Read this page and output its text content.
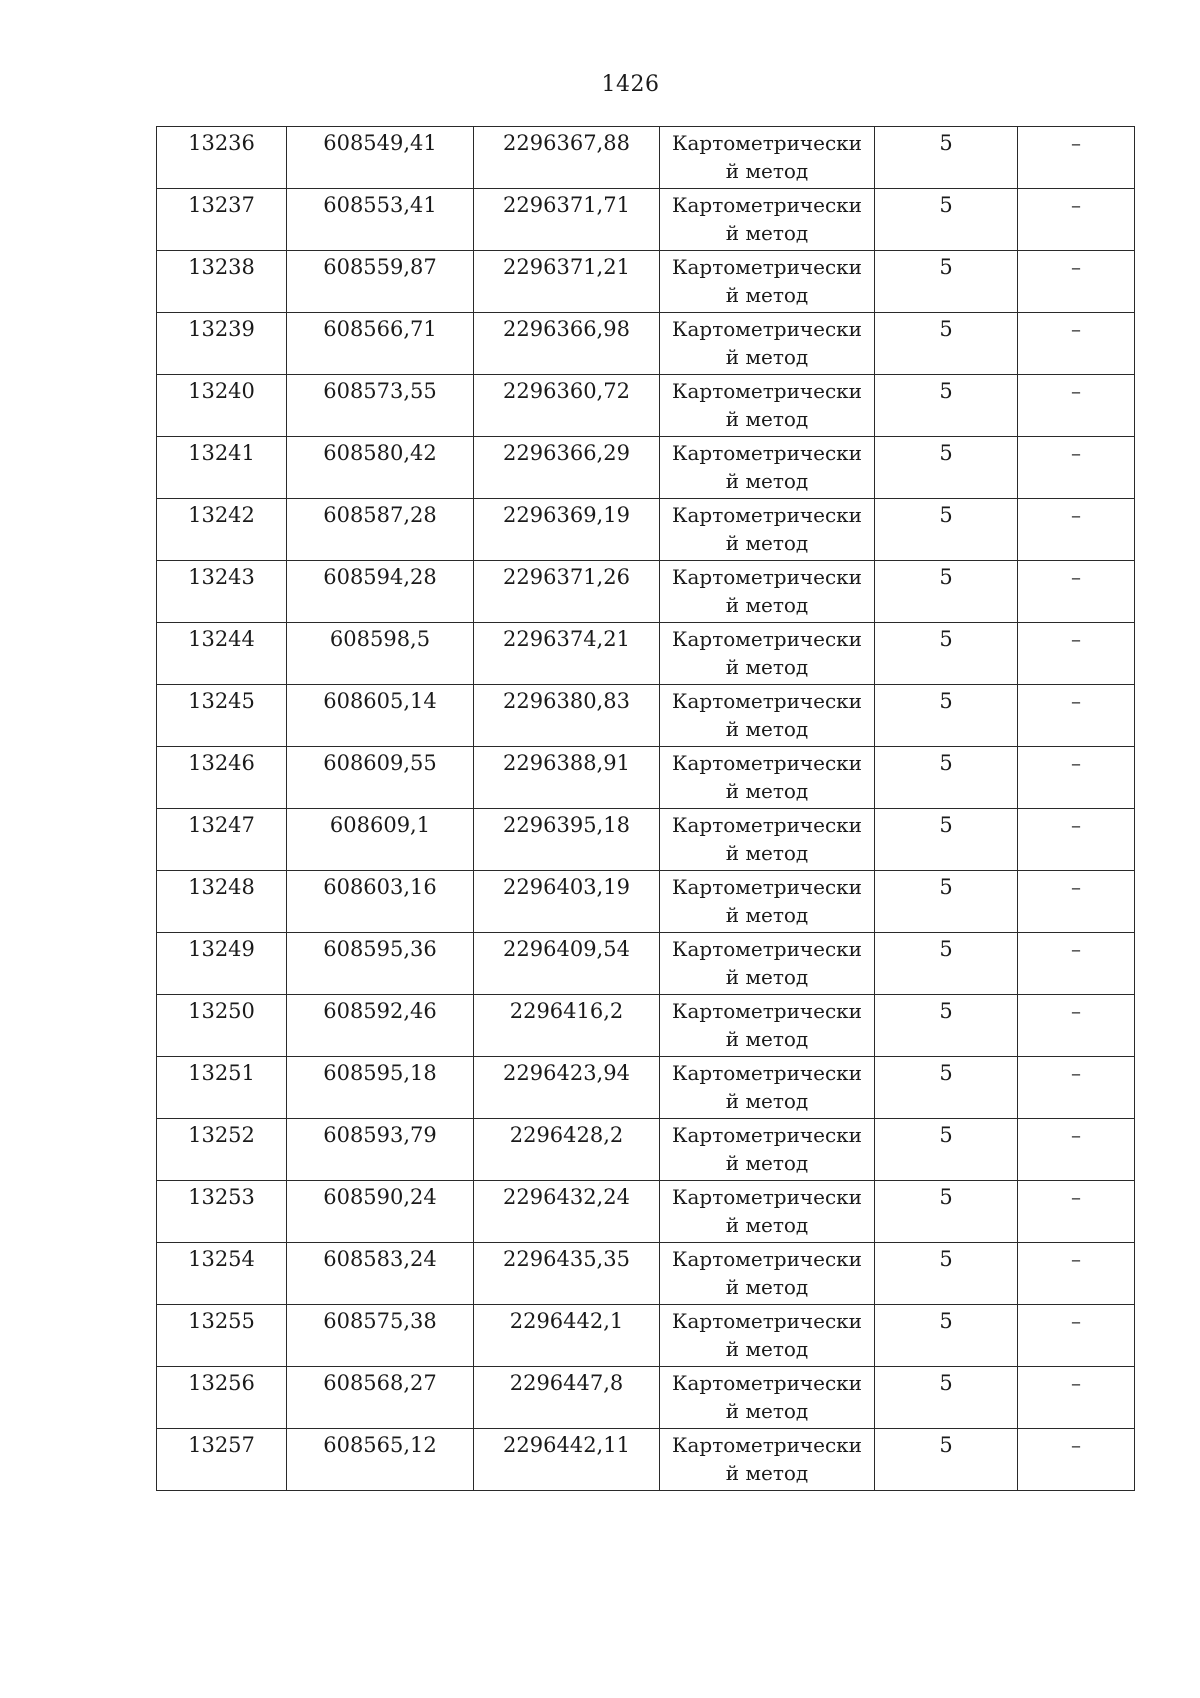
1426
13236	608549,41	2296367,88	Картометрически й метод	5	–
13237	608553,41	2296371,71	Картометрически й метод	5	–
13238	608559,87	2296371,21	Картометрически й метод	5	–
13239	608566,71	2296366,98	Картометрически й метод	5	–
13240	608573,55	2296360,72	Картометрически й метод	5	–
13241	608580,42	2296366,29	Картометрически й метод	5	–
13242	608587,28	2296369,19	Картометрически й метод	5	–
13243	608594,28	2296371,26	Картометрически й метод	5	–
13244	608598,5	2296374,21	Картометрически й метод	5	–
13245	608605,14	2296380,83	Картометрически й метод	5	–
13246	608609,55	2296388,91	Картометрически й метод	5	–
13247	608609,1	2296395,18	Картометрически й метод	5	–
13248	608603,16	2296403,19	Картометрически й метод	5	–
13249	608595,36	2296409,54	Картометрически й метод	5	–
13250	608592,46	2296416,2	Картометрически й метод	5	–
13251	608595,18	2296423,94	Картометрически й метод	5	–
13252	608593,79	2296428,2	Картометрически й метод	5	–
13253	608590,24	2296432,24	Картометрически й метод	5	–
13254	608583,24	2296435,35	Картометрически й метод	5	–
13255	608575,38	2296442,1	Картометрически й метод	5	–
13256	608568,27	2296447,8	Картометрически й метод	5	–
13257	608565,12	2296442,11	Картометрически й метод	5	–
